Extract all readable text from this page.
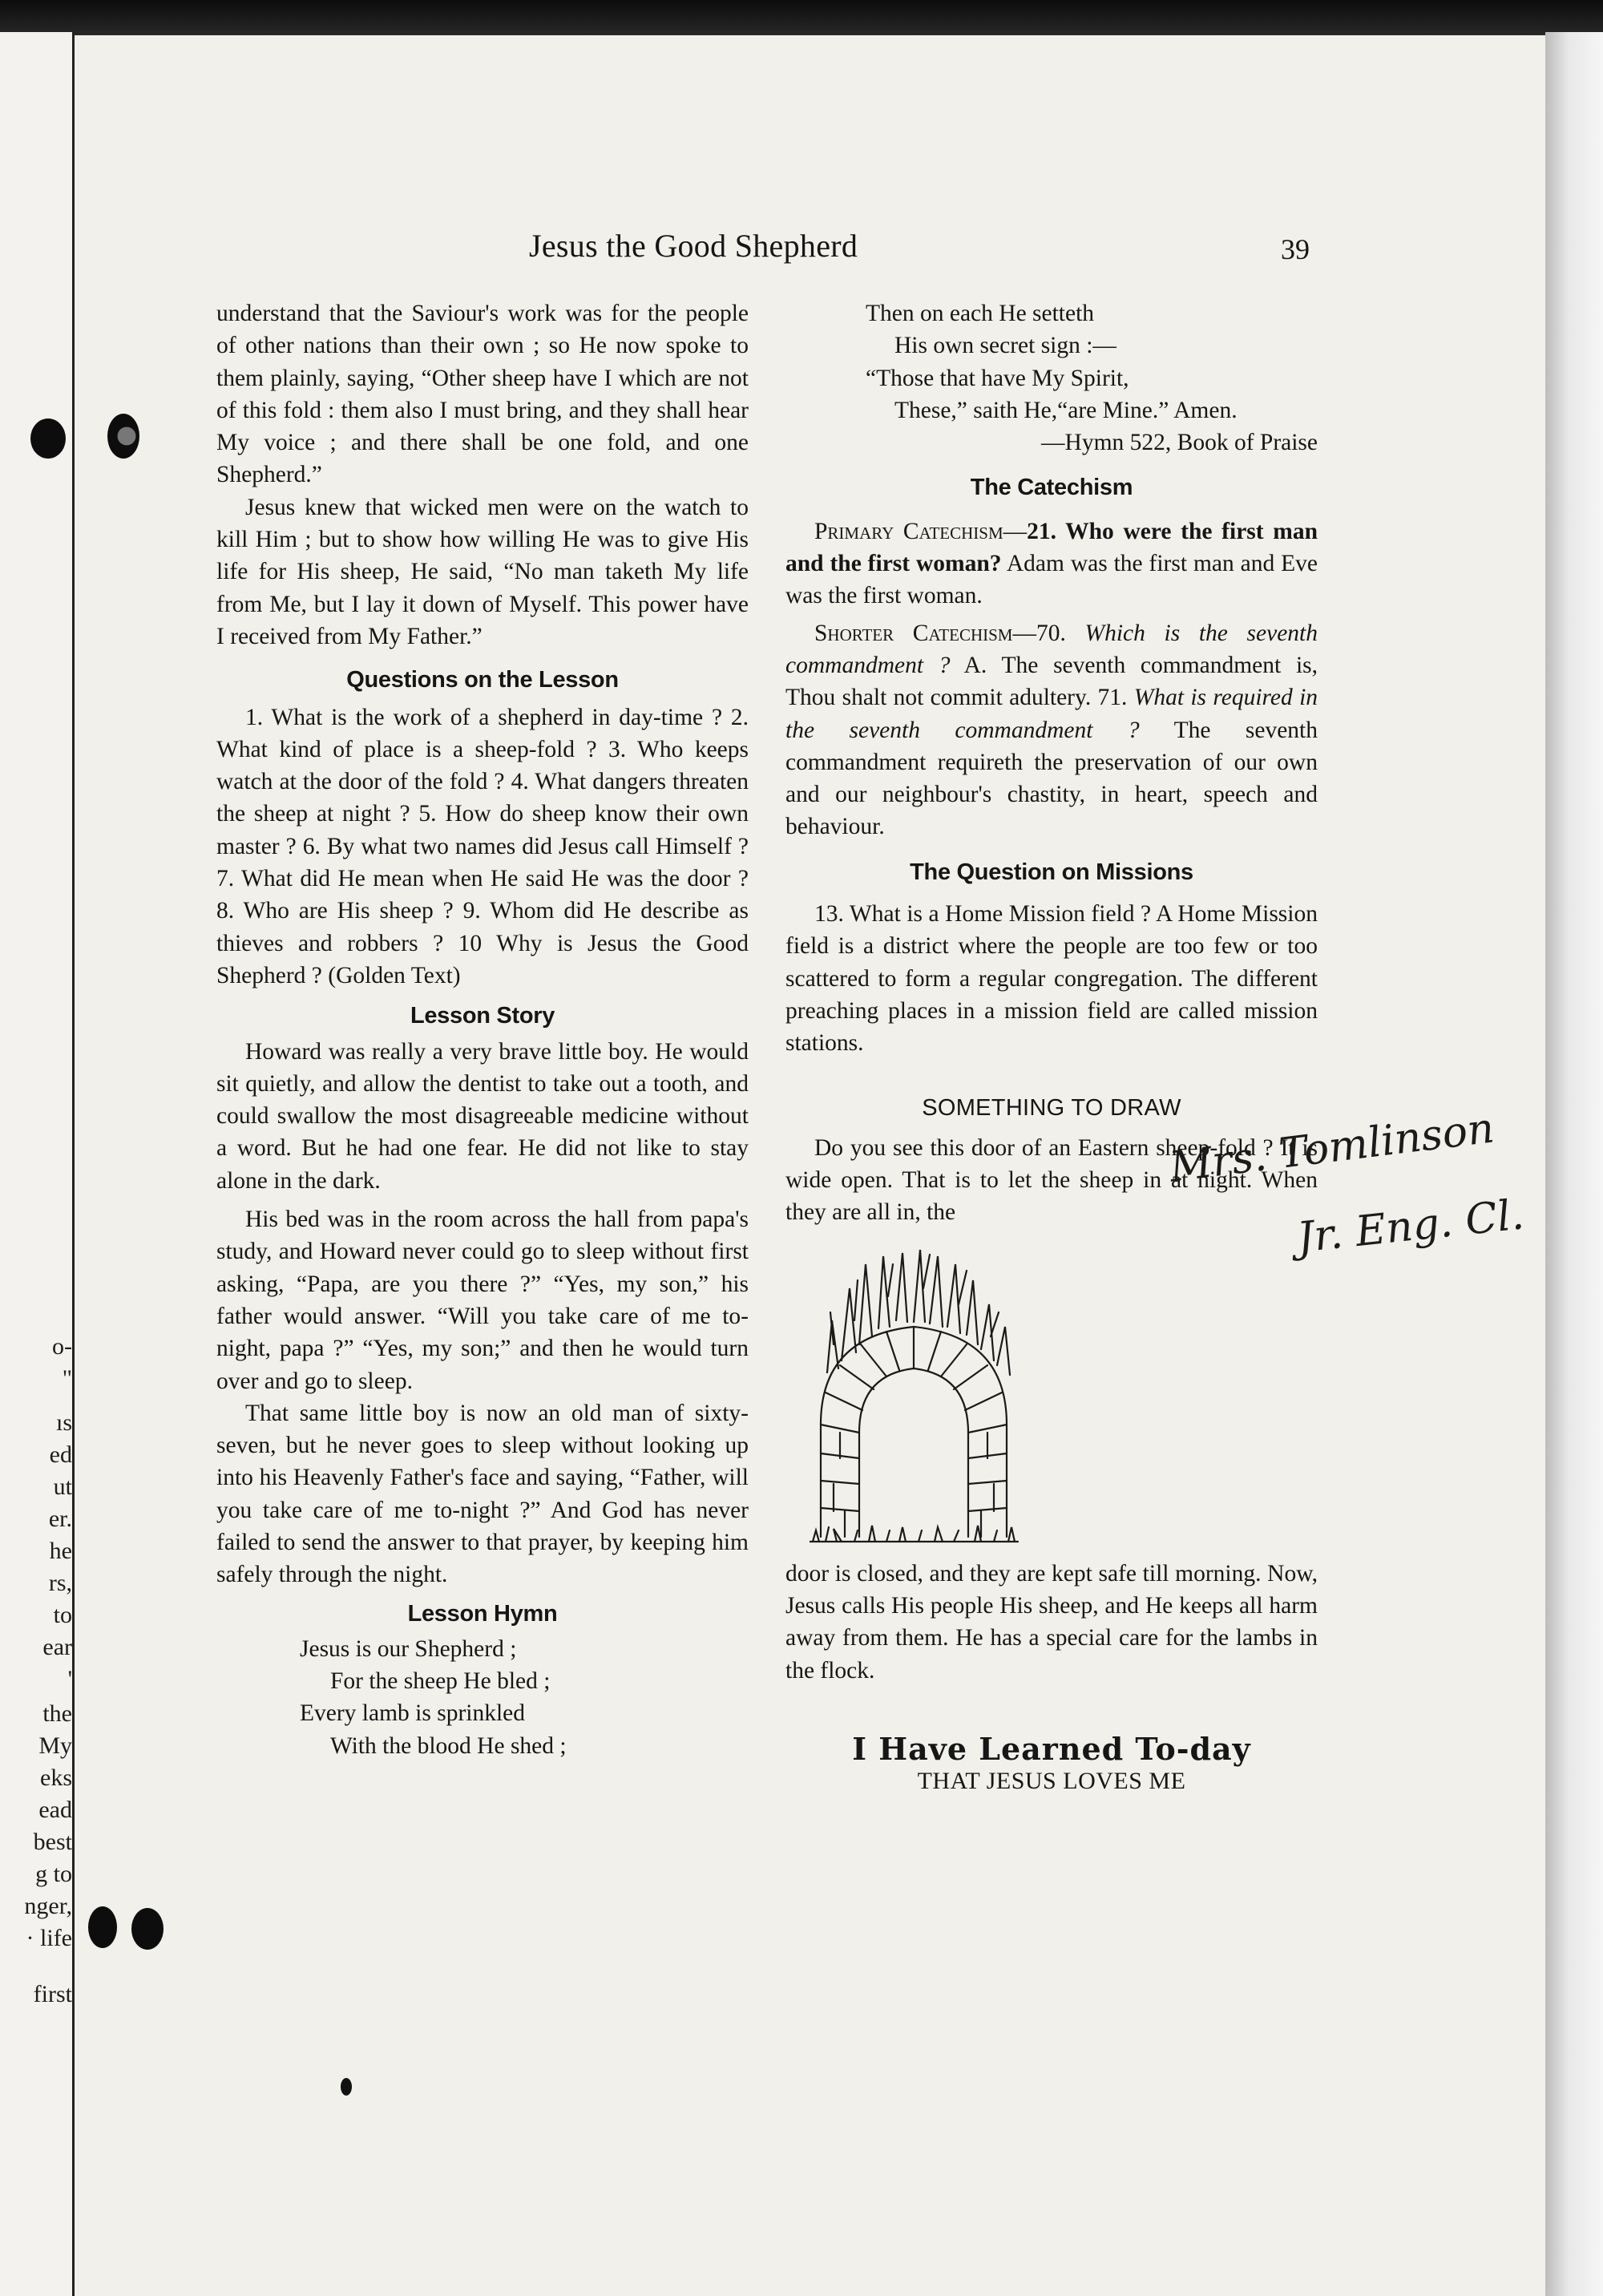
o-
"
ıs
ed
ut
er.
he
rs,
to
ear
'
the
My
eks
ead
best
g to
nger,
· life
first
Jesus the Good Shepherd	39

understand that the Saviour's work was for the people of other nations than their own ; so He now spoke to them plainly, saying, “Other sheep have I which are not of this fold : them also I must bring, and they shall hear My voice ; and there shall be one fold, and one Shepherd.”

Jesus knew that wicked men were on the watch to kill Him ; but to show how willing He was to give His life for His sheep, He said, “No man taketh My life from Me, but I lay it down of Myself. This power have I received from My Father.”

Questions on the Lesson

1. What is the work of a shepherd in day-time ? 2. What kind of place is a sheep-fold ? 3. Who keeps watch at the door of the fold ? 4. What dangers threaten the sheep at night ? 5. How do sheep know their own master ? 6. By what two names did Jesus call Himself ? 7. What did He mean when He said He was the door ? 8. Who are His sheep ? 9. Whom did He describe as thieves and robbers ? 10 Why is Jesus the Good Shepherd ? (Golden Text)

Lesson Story

Howard was really a very brave little boy. He would sit quietly, and allow the dentist to take out a tooth, and could swallow the most disagreeable medicine without a word. But he had one fear. He did not like to stay alone in the dark.

His bed was in the room across the hall from papa's study, and Howard never could go to sleep without first asking, “Papa, are you there ?” “Yes, my son,” his father would answer. “Will you take care of me to-night, papa ?” “Yes, my son;” and then he would turn over and go to sleep.

That same little boy is now an old man of sixty-seven, but he never goes to sleep without looking up into his Heavenly Father's face and saying, “Father, will you take care of me to-night ?” And God has never failed to send the answer to that prayer, by keeping him safely through the night.

Lesson Hymn
Jesus is our Shepherd ;
For the sheep He bled ;
Every lamb is sprinkled
With the blood He shed ;
Then on each He setteth
His own secret sign :—
“Those that have My Spirit,
These,” saith He,“are Mine.” Amen.
—Hymn 522, Book of Praise
The Catechism

Primary Catechism—21. Who were the first man and the first woman? Adam was the first man and Eve was the first woman.

Shorter Catechism—70. Which is the seventh commandment ? A. The seventh commandment is, Thou shalt not commit adultery. 71. What is required in the seventh commandment ? The seventh commandment requireth the preservation of our own and our neighbour's chastity, in heart, speech and behaviour.

The Question on Missions

13. What is a Home Mission field ? A Home Mission field is a district where the people are too few or too scattered to form a regular congregation. The different preaching places in a mission field are called mission stations.

SOMETHING TO DRAW

Do you see this door of an Eastern sheep-fold ? It is wide open. That is to let the sheep in at night. When they are all in, the

door is closed, and they are kept safe till morning. Now, Jesus calls His people His sheep, and He keeps all harm away from them. He has a special care for the lambs in the flock.

I Have Learned To-day
THAT JESUS LOVES ME
Mrs. Tomlinson
Jr. Eng. Cl.
